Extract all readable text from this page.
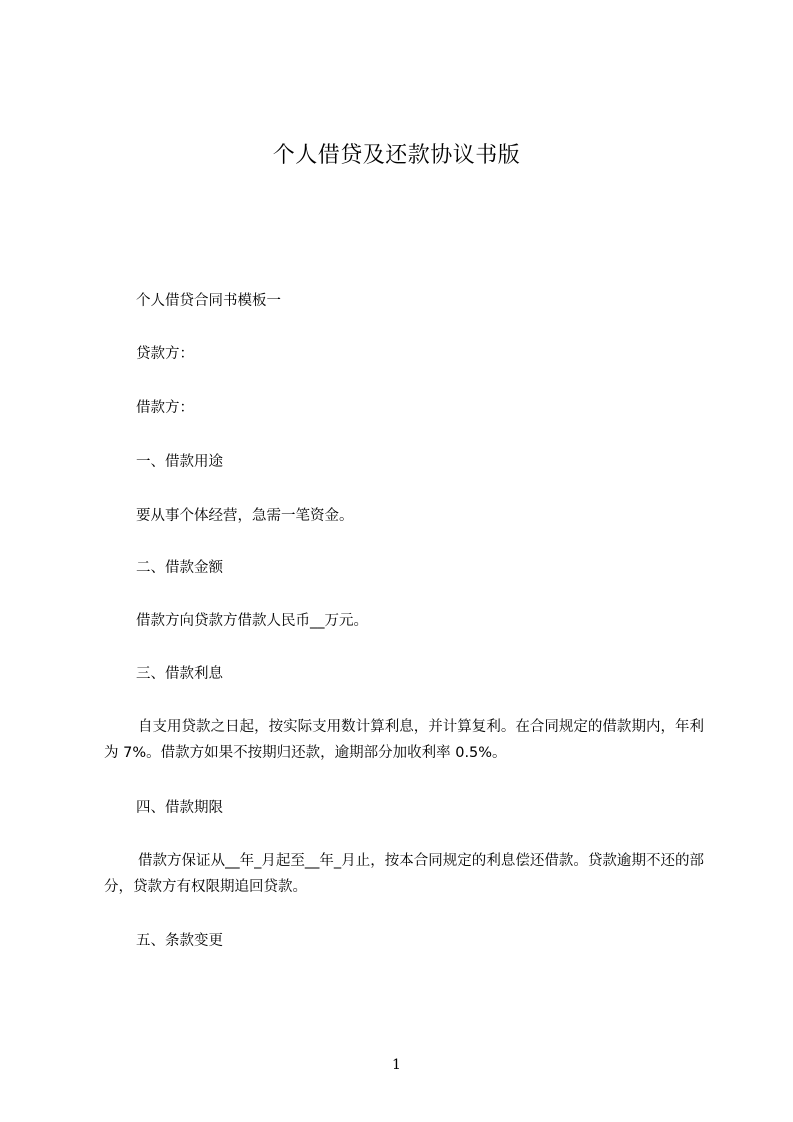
个人借贷及还款协议书版
个人借贷合同书模板一
贷款方：
借款方：
一、借款用途
要从事个体经营，急需一笔资金。
二、借款金额
借款方向贷款方借款人民币__万元。
三、借款利息
自支用贷款之日起，按实际支用数计算利息，并计算复利。在合同规定的借款期内，年利为 7%。借款方如果不按期归还款，逾期部分加收利率 0.5%。
四、借款期限
借款方保证从__年_月起至__年_月止，按本合同规定的利息偿还借款。贷款逾期不还的部分，贷款方有权限期追回贷款。
五、条款变更
1
